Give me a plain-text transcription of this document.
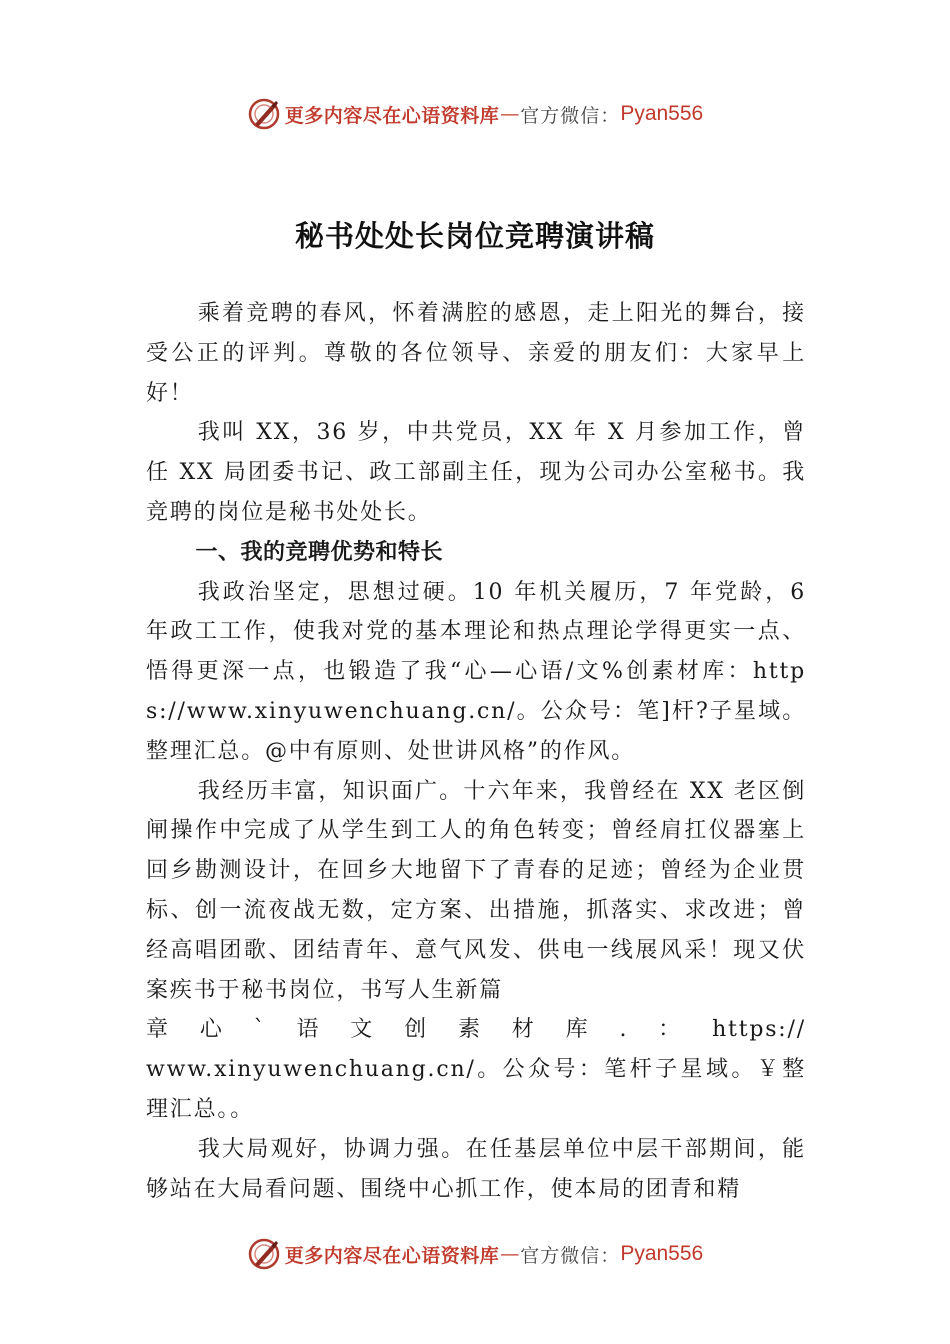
更多内容尽在心语资料库 — 官方微信： Pyan556
秘书处处长岗位竞聘演讲稿

乘着竞聘的春风，怀着满腔的感恩，走上阳光的舞台，接受公正的评判。尊敬的各位领导、亲爱的朋友们：大家早上好！

我叫 XX，36 岁，中共党员，XX 年 X 月参加工作，曾任 XX 局团委书记、政工部副主任，现为公司办公室秘书。我竞聘的岗位是秘书处处长。

一、我的竞聘优势和特长

我政治坚定，思想过硬。10 年机关履历，7 年党龄，6 年政工工作，使我对党的基本理论和热点理论学得更实一点、悟得更深一点，也锻造了我“心—心语/文%创素材库：https://www.xinyuwenchuang.cn/。公众号：笔]杆?子星域。整理汇总。@中有原则、处世讲风格”的作风。

我经历丰富，知识面广。十六年来，我曾经在 XX 老区倒闸操作中完成了从学生到工人的角色转变；曾经肩扛仪器塞上回乡勘测设计，在回乡大地留下了青春的足迹；曾经为企业贯标、创一流夜战无数，定方案、出措施，抓落实、求改进；曾经高唱团歌、团结青年、意气风发、供电一线展风采！现又伏案疾书于秘书岗位，书写人生新篇
章 心 ` 语 文 创 素 材 库 . ： https://
www.xinyuwenchuang.cn/。公众号：笔杆子星域。￥整理汇总。。

我大局观好，协调力强。在任基层单位中层干部期间，能够站在大局看问题、围绕中心抓工作，使本局的团青和精

更多内容尽在心语资料库 — 官方微信： Pyan556
